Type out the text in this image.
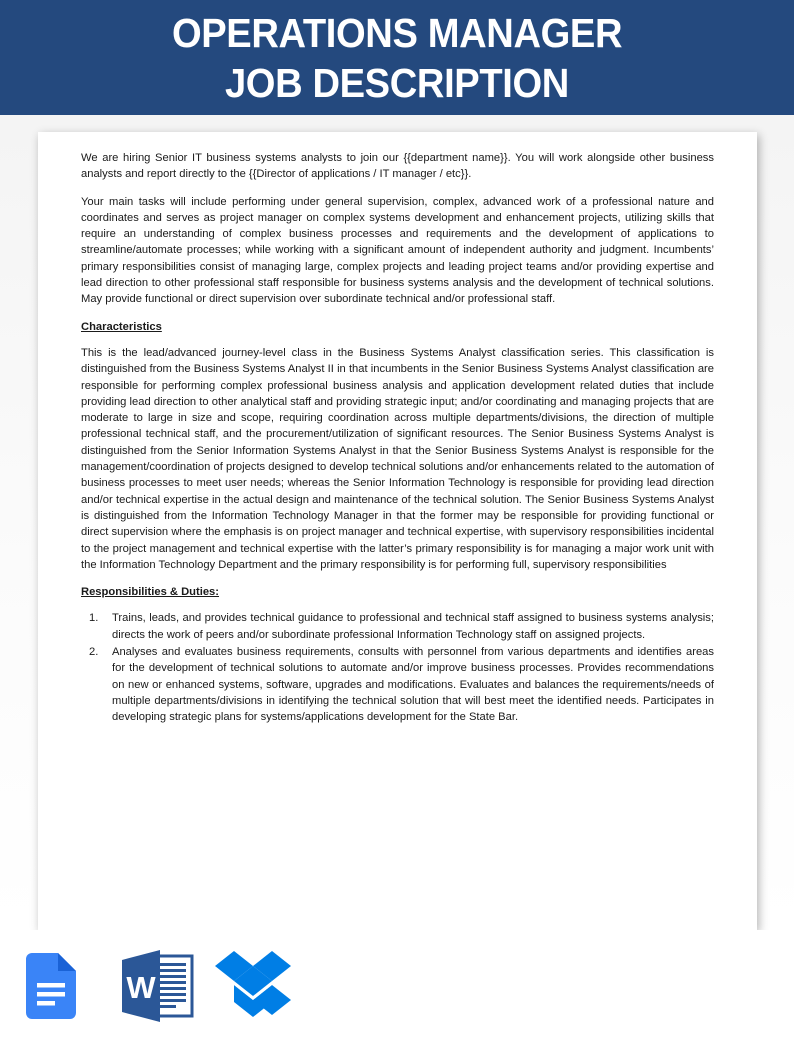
OPERATIONS MANAGER
JOB DESCRIPTION

We are hiring Senior IT business systems analysts to join our {{department name}}. You will work alongside other business analysts and report directly to the {{Director of applications / IT manager / etc}}.

Your main tasks will include performing under general supervision, complex, advanced work of a professional nature and coordinates and serves as project manager on complex systems development and enhancement projects, utilizing skills that require an understanding of complex business processes and requirements and the development of applications to streamline/automate processes; while working with a significant amount of independent authority and judgment. Incumbents’ primary responsibilities consist of managing large, complex projects and leading project teams and/or providing expertise and lead direction to other professional staff responsible for business systems analysis and the development of technical solutions. May provide functional or direct supervision over subordinate technical and/or professional staff.

Characteristics

This is the lead/advanced journey-level class in the Business Systems Analyst classification series. This classification is distinguished from the Business Systems Analyst II in that incumbents in the Senior Business Systems Analyst classification are responsible for performing complex professional business analysis and application development related duties that include providing lead direction to other analytical staff and providing strategic input; and/or coordinating and managing projects that are moderate to large in size and scope, requiring coordination across multiple departments/divisions, the direction of multiple professional technical staff, and the procurement/utilization of significant resources. The Senior Business Systems Analyst is distinguished from the Senior Information Systems Analyst in that the Senior Business Systems Analyst is responsible for the management/coordination of projects designed to develop technical solutions and/or enhancements related to the automation of business processes to meet user needs; whereas the Senior Information Technology is responsible for providing lead direction and/or technical expertise in the actual design and maintenance of the technical solution. The Senior Business Systems Analyst is distinguished from the Information Technology Manager in that the former may be responsible for providing functional or direct supervision where the emphasis is on project manager and technical expertise, with supervisory responsibilities incidental to the project management and technical expertise with the latter’s primary responsibility is for managing a major work unit with the Information Technology Department and the primary responsibility is for performing full, supervisory responsibilities

Responsibilities & Duties:

Trains, leads, and provides technical guidance to professional and technical staff assigned to business systems analysis; directs the work of peers and/or subordinate professional Information Technology staff on assigned projects.
Analyses and evaluates business requirements, consults with personnel from various departments and identifies areas for the development of technical solutions to automate and/or improve business processes. Provides recommendations on new or enhanced systems, software, upgrades and modifications. Evaluates and balances the requirements/needs of multiple departments/divisions in identifying the technical solution that will best meet the identified needs. Participates in developing strategic plans for systems/applications development for the State Bar.
W
